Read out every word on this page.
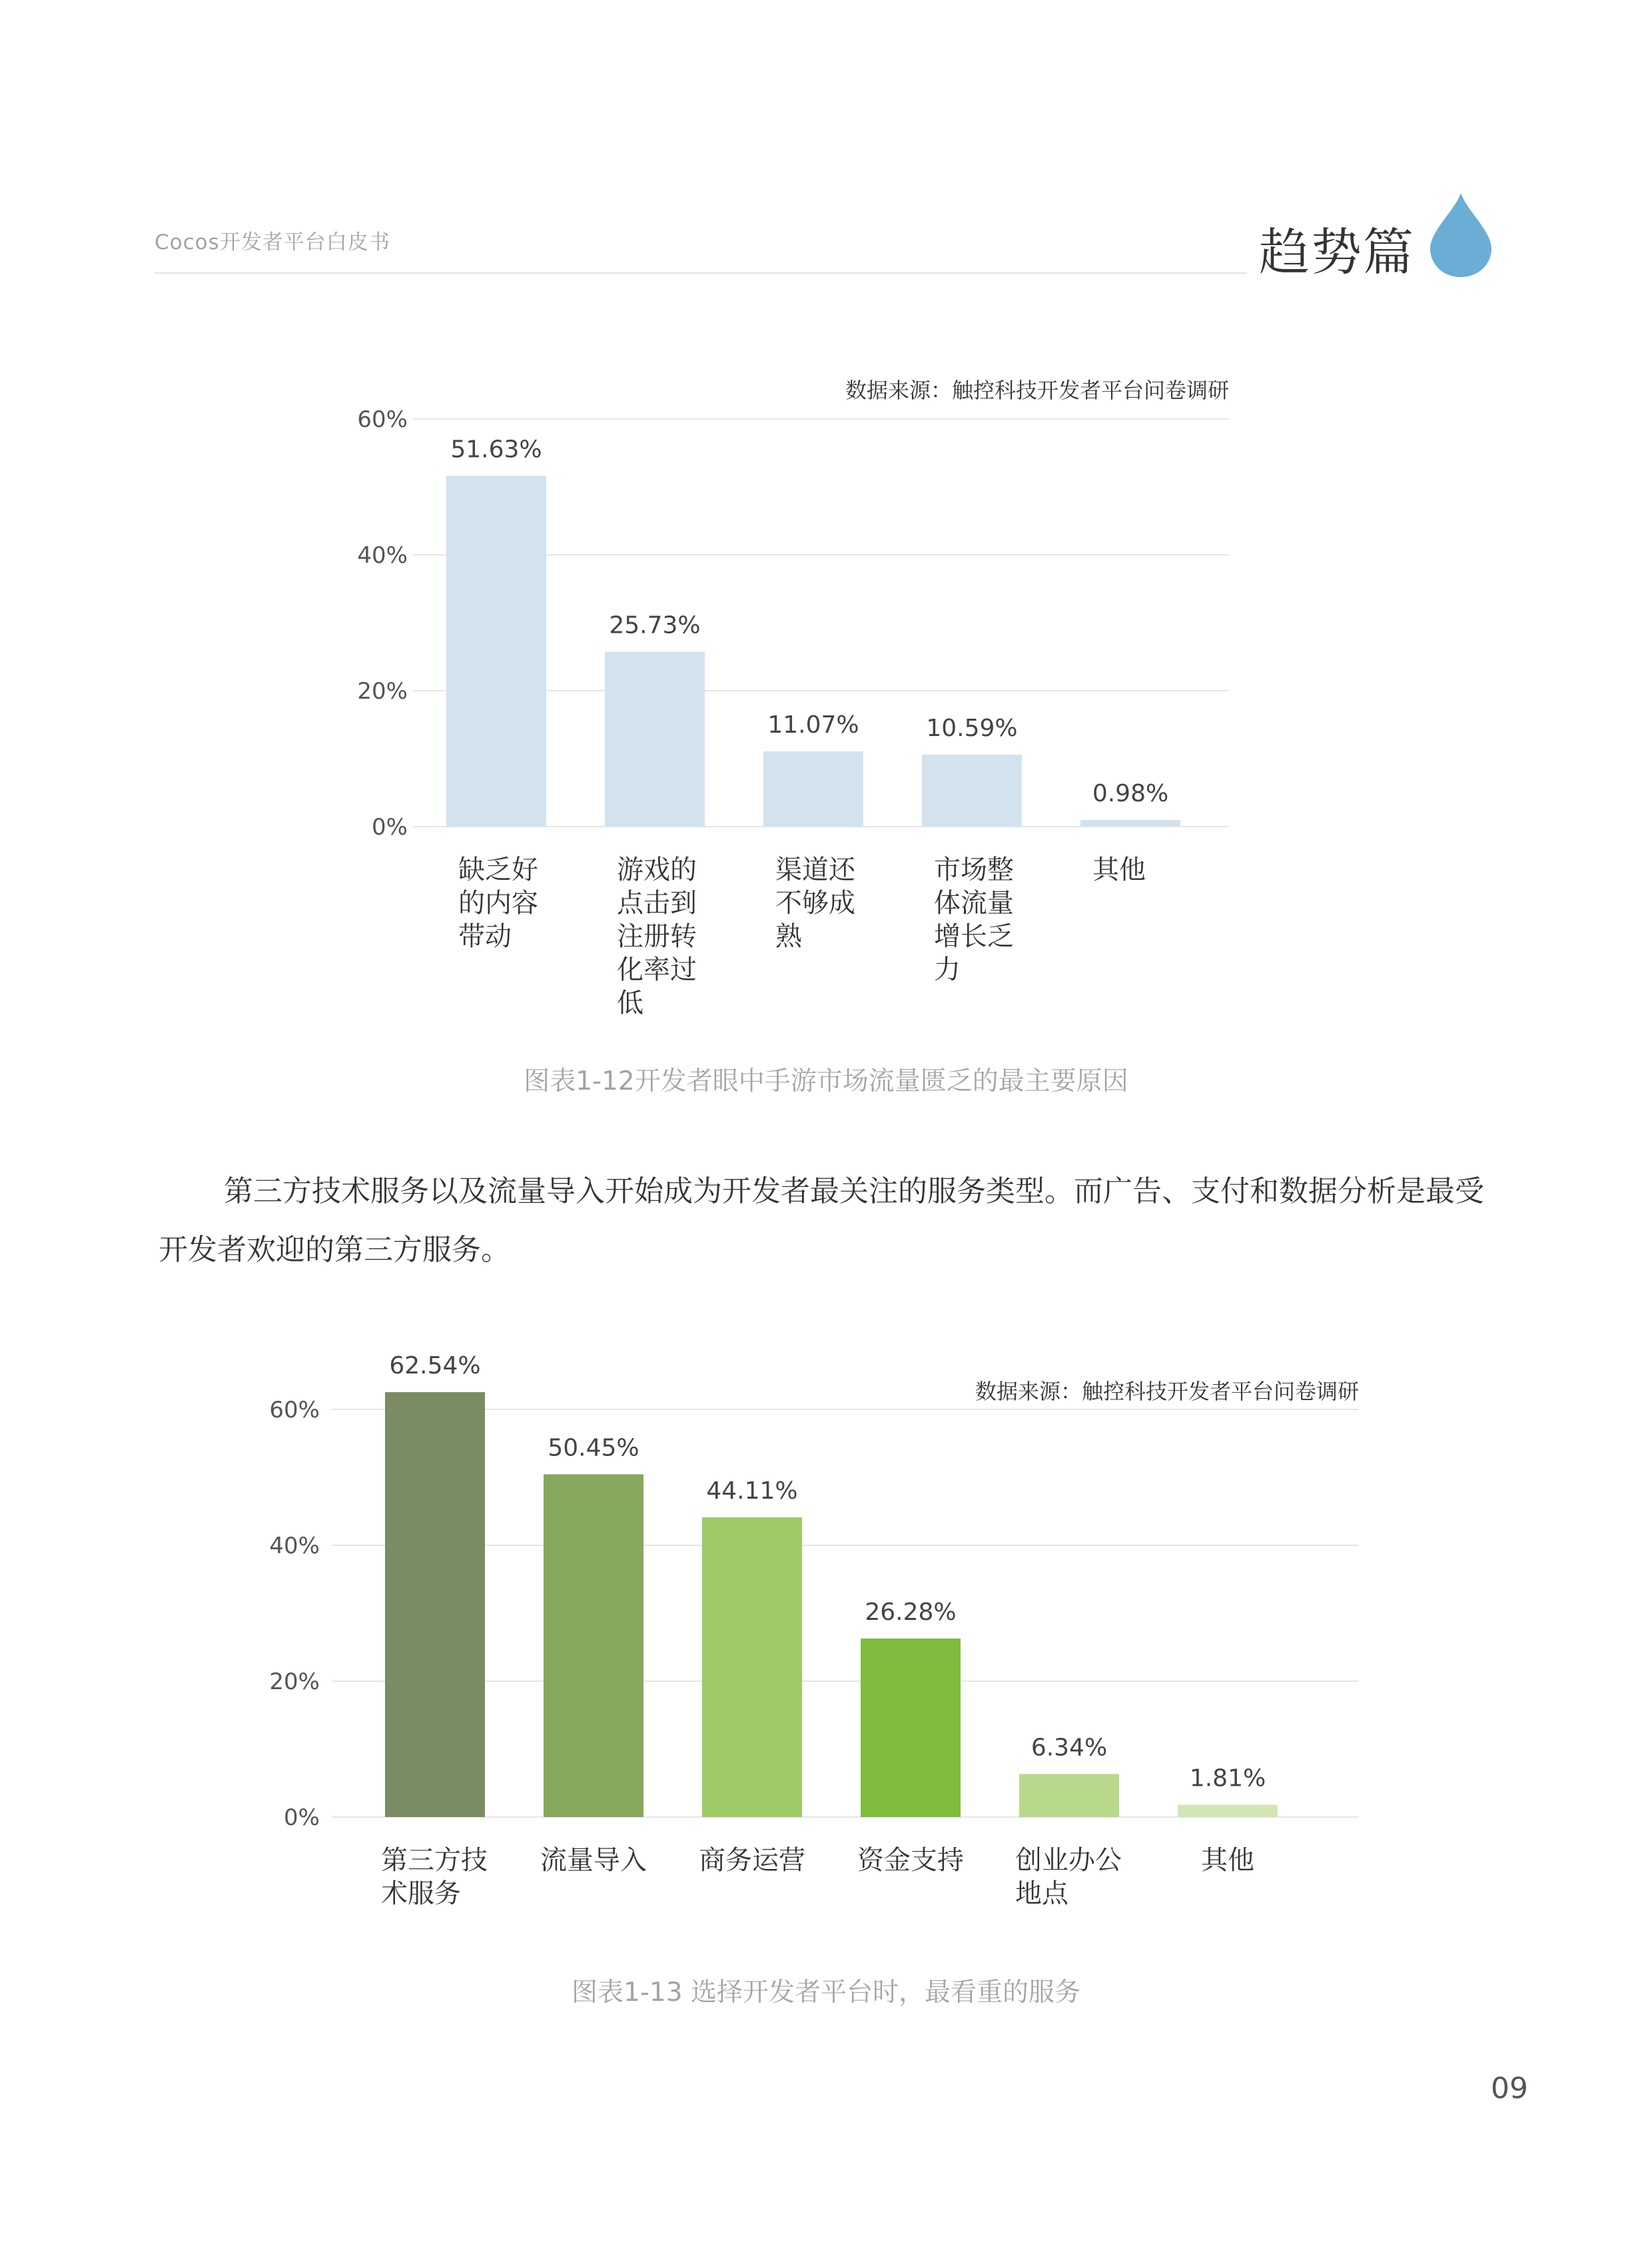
Cocos开发者平台白皮书	趋势篇
0%
20%
40%
60%
数据来源：触控科技开发者平台问卷调研
51.63%
缺乏好的内容带动
25.73%
游戏的点击到注册转化率过低
11.07%
渠道还不够成熟
10.59%
市场整体流量增长乏力
0.98%
其他
图表1-12开发者眼中手游市场流量匮乏的最主要原因
第三方技术服务以及流量导入开始成为开发者最关注的服务类型。而广告、支付和数据分析是最受开发者欢迎的第三方服务。
0%
20%
40%
60%
数据来源：触控科技开发者平台问卷调研
62.54%
第三方技术服务
50.45%
流量导入
44.11%
商务运营
26.28%
资金支持
6.34%
创业办公地点
1.81%
其他
图表1-13 选择开发者平台时，最看重的服务
09
